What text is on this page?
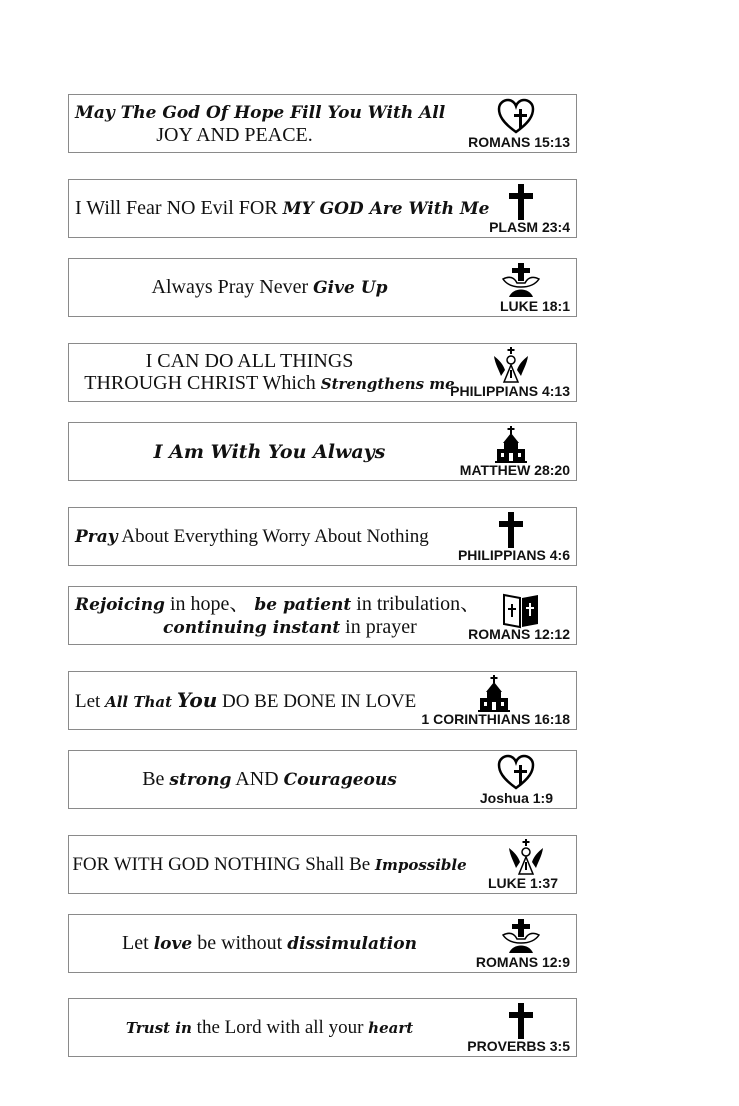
May The God Of Hope Fill You With All
JOY AND PEACE.	ROMANS 15:13
I Will Fear NO Evil FOR MY GOD Are With Me
PLASM 23:4
Always Pray Never Give Up
LUKE 18:1
I CAN DO ALL THINGS
THROUGH CHRIST Which Strengthens me
PHILIPPIANS 4:13
I Am With You Always
MATTHEW 28:20
Pray About Everything Worry About Nothing
PHILIPPIANS 4:6
Rejoicing in hope、 be patient in tribulation、
continuing instant in prayer	ROMANS 12:12
Let All That You DO BE DONE IN LOVE
1 CORINTHIANS 16:18
Be strong AND Courageous
Joshua 1:9
FOR WITH GOD NOTHING Shall Be Impossible
LUKE 1:37
Let love be without dissimulation
ROMANS 12:9
Trust in the Lord with all your heart
PROVERBS 3:5
